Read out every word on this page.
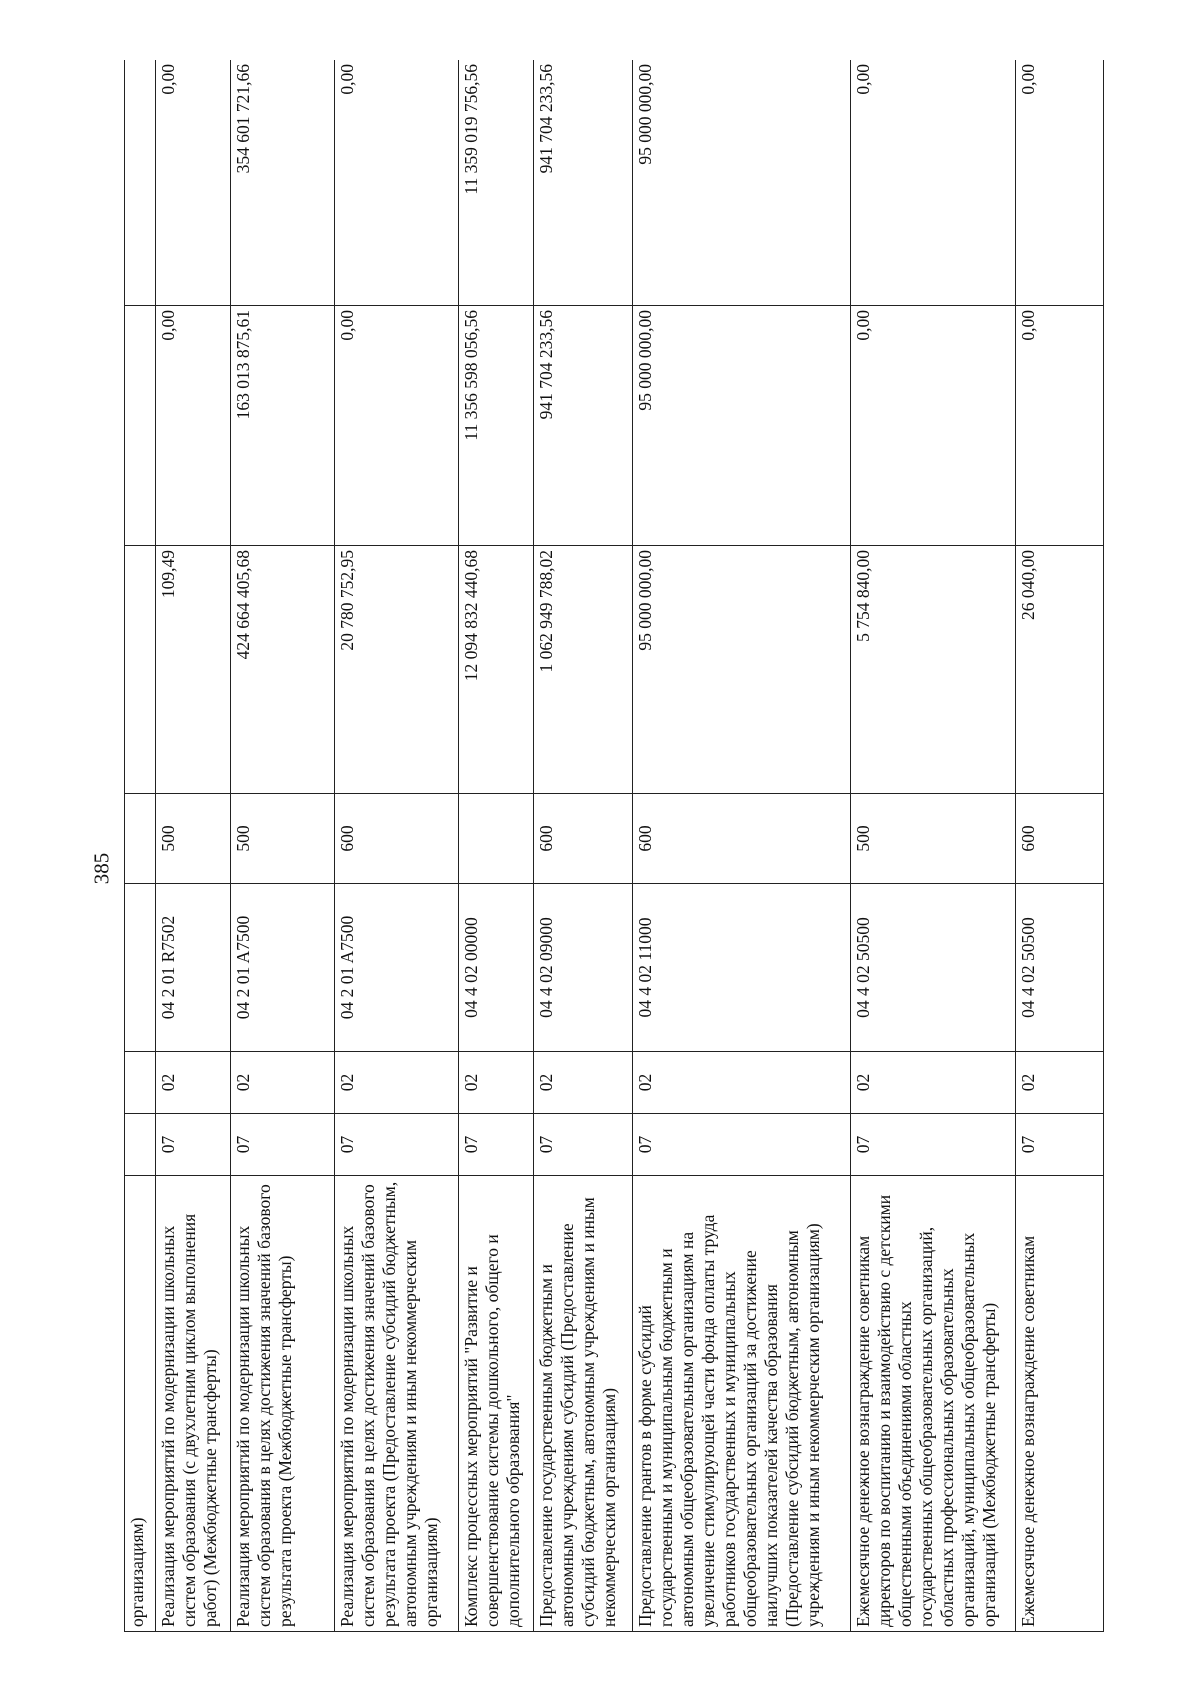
385
организациям)							
Реализация мероприятий по модернизации школьных систем образования (с двухлетним циклом выполнения работ) (Межбюджетные трансферты)	07	02	04 2 01 R7502	500	109,49	0,00	0,00
Реализация мероприятий по модернизации школьных систем образования в целях достижения значений базового результата проекта (Межбюджетные трансферты)	07	02	04 2 01 A7500	500	424 664 405,68	163 013 875,61	354 601 721,66
Реализация мероприятий по модернизации школьных систем образования в целях достижения значений базового результата проекта (Предоставление субсидий бюджетным, автономным учреждениям и иным некоммерческим организациям)	07	02	04 2 01 A7500	600	20 780 752,95	0,00	0,00
Комплекс процессных мероприятий "Развитие и совершенствование системы дошкольного, общего и дополнительного образования"	07	02	04 4 02 00000		12 094 832 440,68	11 356 598 056,56	11 359 019 756,56
Предоставление государственным бюджетным и автономным учреждениям субсидий (Предоставление субсидий бюджетным, автономным учреждениям и иным некоммерческим организациям)	07	02	04 4 02 09000	600	1 062 949 788,02	941 704 233,56	941 704 233,56
Предоставление грантов в форме субсидий государственным и муниципальным бюджетным и автономным общеобразовательным организациям на увеличение стимулирующей части фонда оплаты труда работников государственных и муниципальных общеобразовательных организаций за достижение наилучших показателей качества образования (Предоставление субсидий бюджетным, автономным учреждениям и иным некоммерческим организациям)	07	02	04 4 02 11000	600	95 000 000,00	95 000 000,00	95 000 000,00
Ежемесячное денежное вознаграждение советникам директоров по воспитанию и взаимодействию с детскими общественными объединениями областных государственных общеобразовательных организаций, областных профессиональных образовательных организаций, муниципальных общеобразовательных организаций (Межбюджетные трансферты)	07	02	04 4 02 50500	500	5 754 840,00	0,00	0,00
Ежемесячное денежное вознаграждение советникам	07	02	04 4 02 50500	600	26 040,00	0,00	0,00
